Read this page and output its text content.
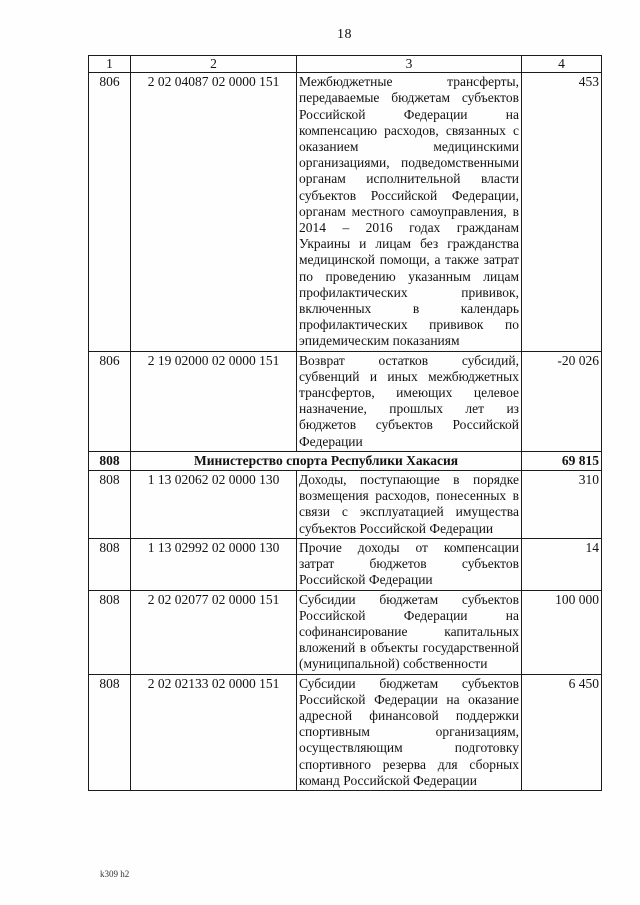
18
1	2	3	4
806	2 02 04087 02 0000 151	Межбюджетные трансферты, передаваемые бюджетам субъектов Российской Федерации на компенсацию расходов, связанных с оказанием медицинскими организациями, подведомственными органам исполнительной власти субъектов Российской Федерации, органам местного самоуправления, в 2014 – 2016 годах гражданам Украины и лицам без гражданства медицинской помощи, а также затрат по проведению указанным лицам профилактических прививок, включенных в календарь профилактических прививок по эпидемическим показаниям	453
806	2 19 02000 02 0000 151	Возврат остатков субсидий, субвенций и иных межбюджетных трансфертов, имеющих целевое назначение, прошлых лет из бюджетов субъектов Российской Федерации	-20 026
808	Министерство спорта Республики Хакасия		69 815
808	1 13 02062 02 0000 130	Доходы, поступающие в порядке возмещения расходов, понесенных в связи с эксплуатацией имущества субъектов Российской Федерации	310
808	1 13 02992 02 0000 130	Прочие доходы от компенсации затрат бюджетов субъектов Российской Федерации	14
808	2 02 02077 02 0000 151	Субсидии бюджетам субъектов Российской Федерации на софинансирование капитальных вложений в объекты государственной (муниципальной) собственности	100 000
808	2 02 02133 02 0000 151	Субсидии бюджетам субъектов Российской Федерации на оказание адресной финансовой поддержки спортивным организациям, осуществляющим подготовку спортивного резерва для сборных команд Российской Федерации	6 450
k309 h2
